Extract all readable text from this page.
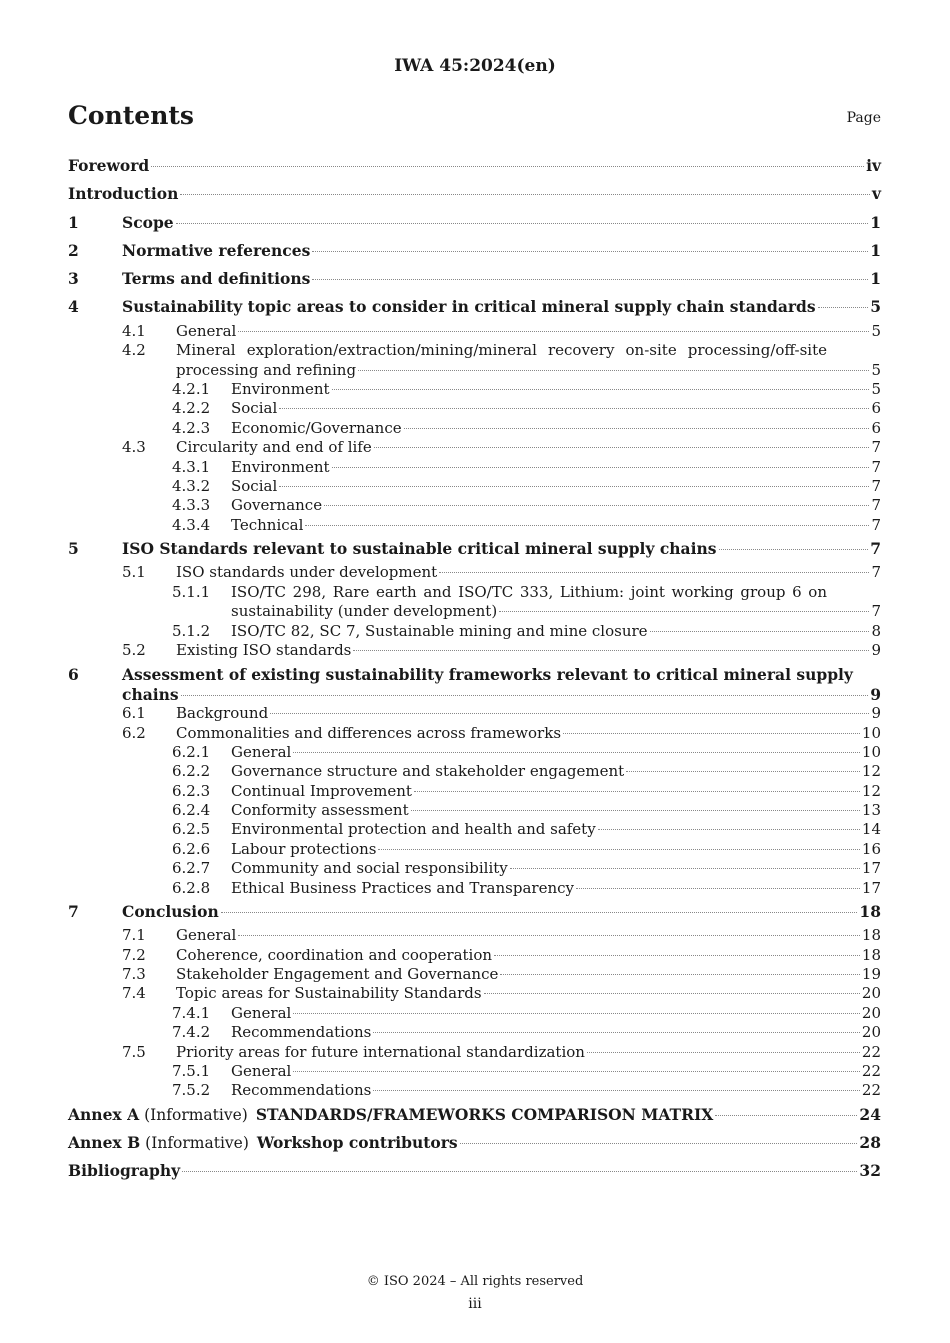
IWA 45:2024(en)
Contents	Page
Foreword	iv
Introduction	v
1	Scope	1
2	Normative references	1
3	Terms and definitions	1
4	Sustainability topic areas to consider in critical mineral supply chain standards	5
4.1	General	5
4.2	Mineral exploration/extraction/mining/mineral recovery on-site processing/off-site
processing and refining	5
4.2.1	Environment	5
4.2.2	Social	6
4.2.3	Economic/Governance	6
4.3	Circularity and end of life	7
4.3.1	Environment	7
4.3.2	Social	7
4.3.3	Governance	7
4.3.4	Technical	7
5	ISO Standards relevant to sustainable critical mineral supply chains	7
5.1	ISO standards under development	7
5.1.1	ISO/TC 298, Rare earth and ISO/TC 333, Lithium: joint working group 6 on
sustainability (under development)	7
5.1.2	ISO/TC 82, SC 7, Sustainable mining and mine closure	8
5.2	Existing ISO standards	9
6	Assessment of existing sustainability frameworks relevant to critical mineral supply
chains	9
6.1	Background	9
6.2	Commonalities and differences across frameworks	10
6.2.1	General	10
6.2.2	Governance structure and stakeholder engagement	12
6.2.3	Continual Improvement	12
6.2.4	Conformity assessment	13
6.2.5	Environmental protection and health and safety	14
6.2.6	Labour protections	16
6.2.7	Community and social responsibility	17
6.2.8	Ethical Business Practices and Transparency	17
7	Conclusion	18
7.1	General	18
7.2	Coherence, coordination and cooperation	18
7.3	Stakeholder Engagement and Governance	19
7.4	Topic areas for Sustainability Standards	20
7.4.1	General	20
7.4.2	Recommendations	20
7.5	Priority areas for future international standardization	22
7.5.1	General	22
7.5.2	Recommendations	22
Annex A (Informative) STANDARDS/FRAMEWORKS COMPARISON MATRIX	24
Annex B (Informative) Workshop contributors	28
Bibliography	32
© ISO 2024 – All rights reserved
iii
